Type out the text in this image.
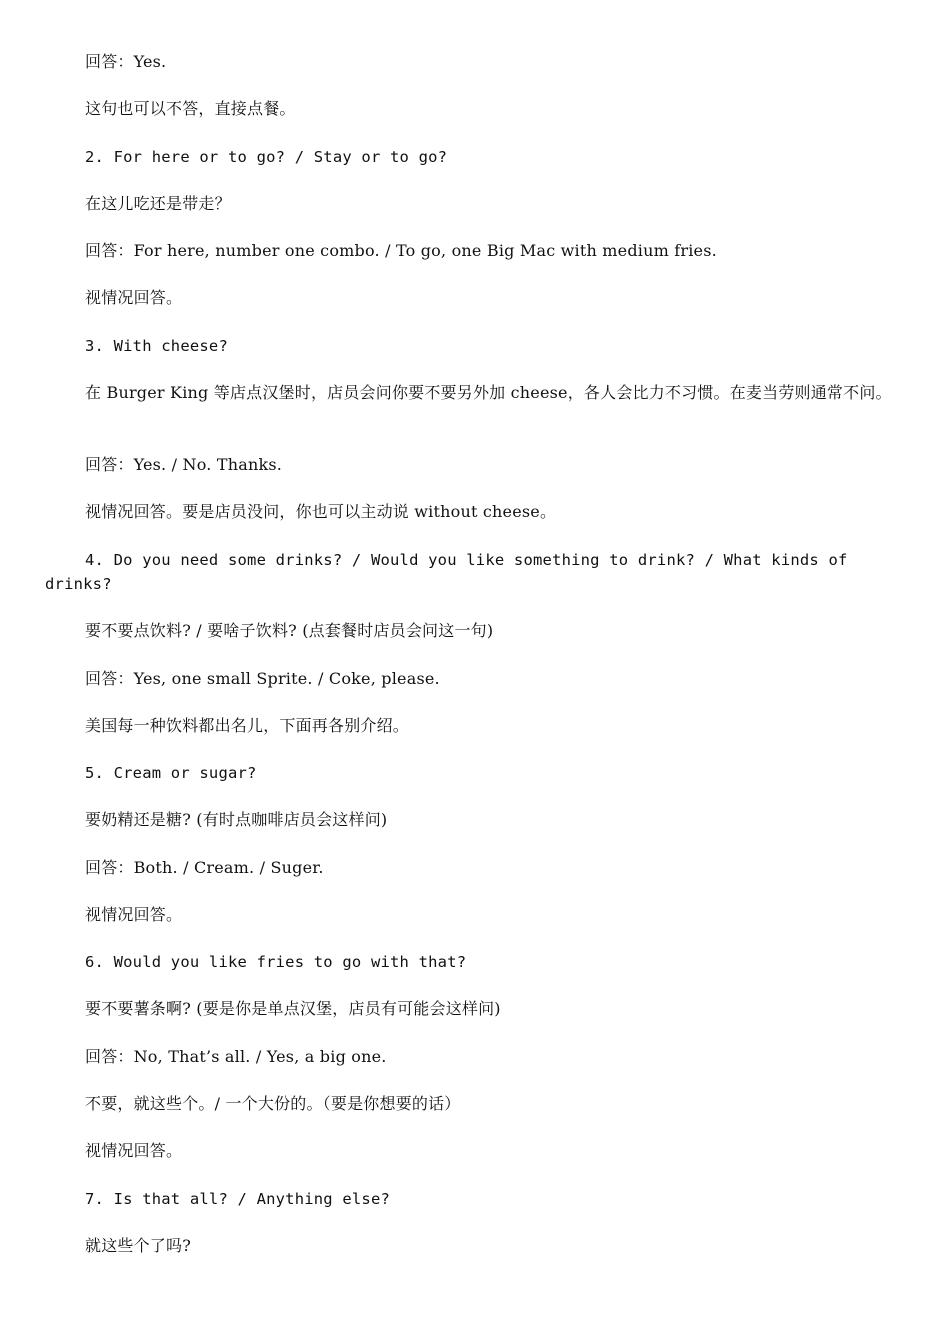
回答：Yes.

这句也可以不答，直接点餐。

2. For here or to go? / Stay or to go?

在这儿吃还是带走？

回答：For here, number one combo. / To go, one Big Mac with medium fries.

视情况回答。

3. With cheese?

在 Burger King 等店点汉堡时，店员会问你要不要另外加 cheese，各人会比力不习惯。在麦当劳则通常不问。

回答：Yes. / No. Thanks.

视情况回答。要是店员没问，你也可以主动说 without cheese。

4. Do you need some drinks? / Would you like something to drink? / What kinds of drinks?

要不要点饮料? / 要啥子饮料? (点套餐时店员会问这一句)

回答：Yes, one small Sprite. / Coke, please.

美国每一种饮料都出名儿，下面再各别介绍。

5. Cream or sugar?

要奶精还是糖? (有时点咖啡店员会这样问)

回答：Both. / Cream. / Suger.

视情况回答。

6. Would you like fries to go with that?

要不要薯条啊? (要是你是单点汉堡，店员有可能会这样问)

回答：No, That’s all. / Yes, a big one.

不要，就这些个。/ 一个大份的。（要是你想要的话）

视情况回答。

7. Is that all? / Anything else?

就这些个了吗?
